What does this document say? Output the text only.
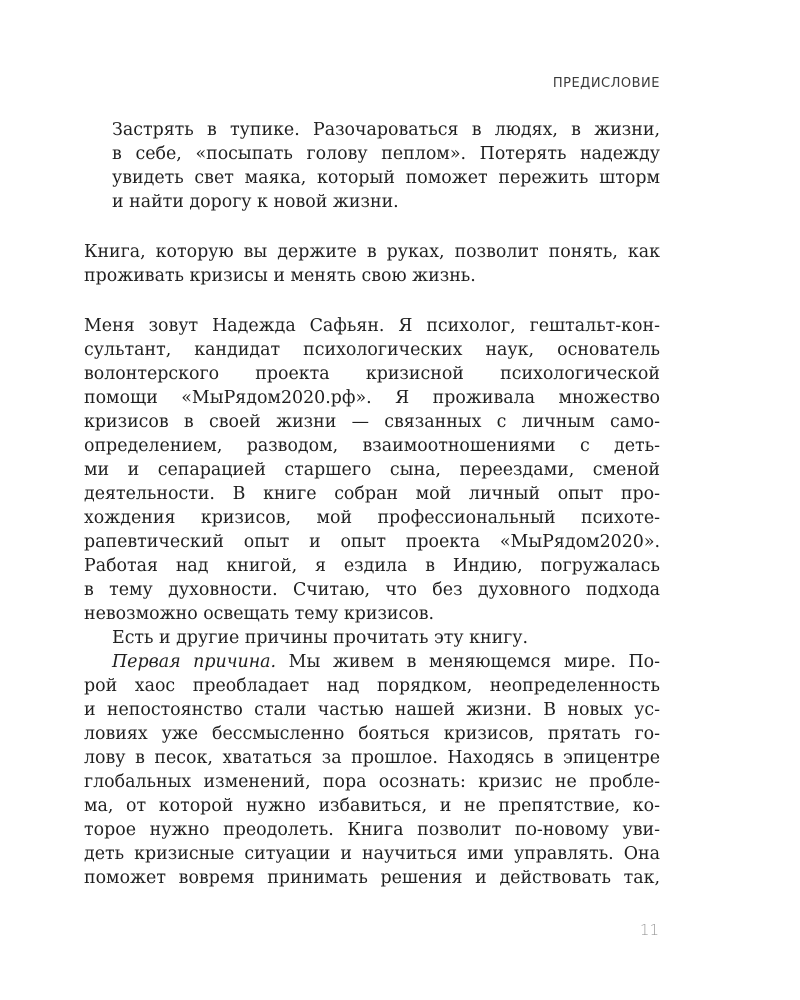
ПРЕДИСЛОВИЕ
Застрять в тупике. Разочароваться в людях, в жизни,
в себе, «посыпать голову пеплом». Потерять надежду
увидеть свет маяка, который поможет пережить шторм
и найти дорогу к новой жизни.
Книга, которую вы держите в руках, позволит понять, как
проживать кризисы и менять свою жизнь.
Меня зовут Надежда Сафьян. Я психолог, гештальт-кон-
сультант, кандидат психологических наук, основатель
волонтерского проекта кризисной психологической
помощи «МыРядом2020.рф». Я проживала множество
кризисов в своей жизни — связанных с личным само-
определением, разводом, взаимоотношениями с деть-
ми и сепарацией старшего сына, переездами, сменой
деятельности. В книге собран мой личный опыт про-
хождения кризисов, мой профессиональный психоте-
рапевтический опыт и опыт проекта «МыРядом2020».
Работая над книгой, я ездила в Индию, погружалась
в тему духовности. Считаю, что без духовного подхода
невозможно освещать тему кризисов.
Есть и другие причины прочитать эту книгу.
Первая причина. Мы живем в меняющемся мире. По-
рой хаос преобладает над порядком, неопределенность
и непостоянство стали частью нашей жизни. В новых ус-
ловиях уже бессмысленно бояться кризисов, прятать го-
лову в песок, хвататься за прошлое. Находясь в эпицентре
глобальных изменений, пора осознать: кризис не пробле-
ма, от которой нужно избавиться, и не препятствие, ко-
торое нужно преодолеть. Книга позволит по-новому уви-
деть кризисные ситуации и научиться ими управлять. Она
поможет вовремя принимать решения и действовать так,
11
